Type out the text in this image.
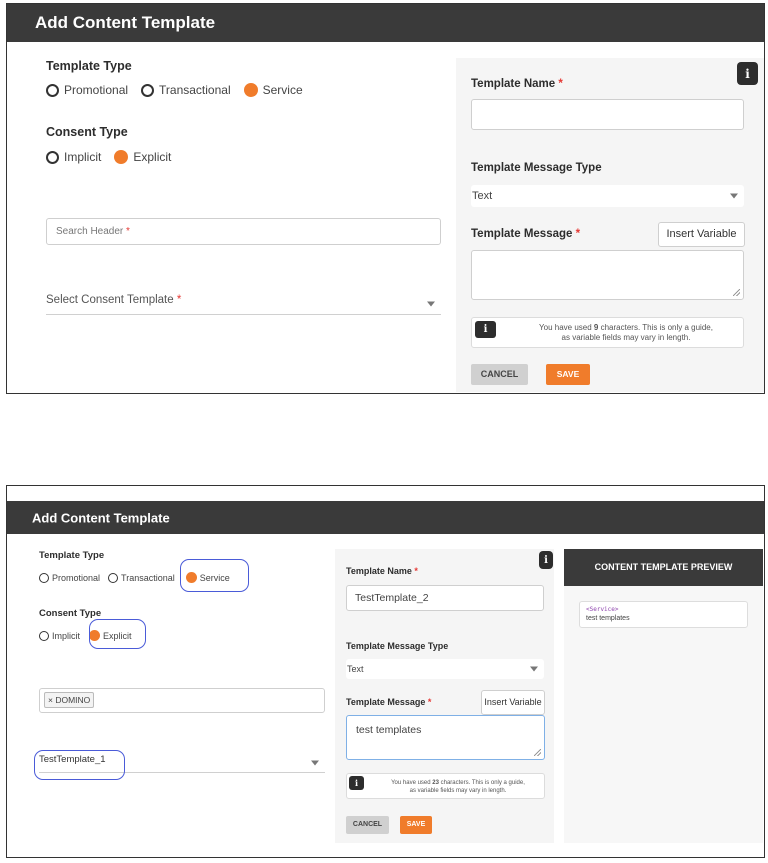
Add Content Template
Template Type
Promotional	Transactional	Service
Consent Type
Implicit	Explicit
Search Header *
Select Consent Template *
i
Template Name *
Template Message Type
Text
Template Message *	Insert Variable
i	You have used 9 characters. This is only a guide,
as variable fields may vary in length.
CANCEL	SAVE
Add Content Template
Template Type
Promotional Transactional	Service
Consent Type
Implicit	Explicit
× DOMINO
TestTemplate_1
i
Template Name *
TestTemplate_2
Template Message Type
Text
Template Message *	Insert Variable
test templates
i	You have used 23 characters. This is only a guide,
as variable fields may vary in length.
CANCEL	SAVE
CONTENT TEMPLATE PREVIEW
<Service>
test templates
